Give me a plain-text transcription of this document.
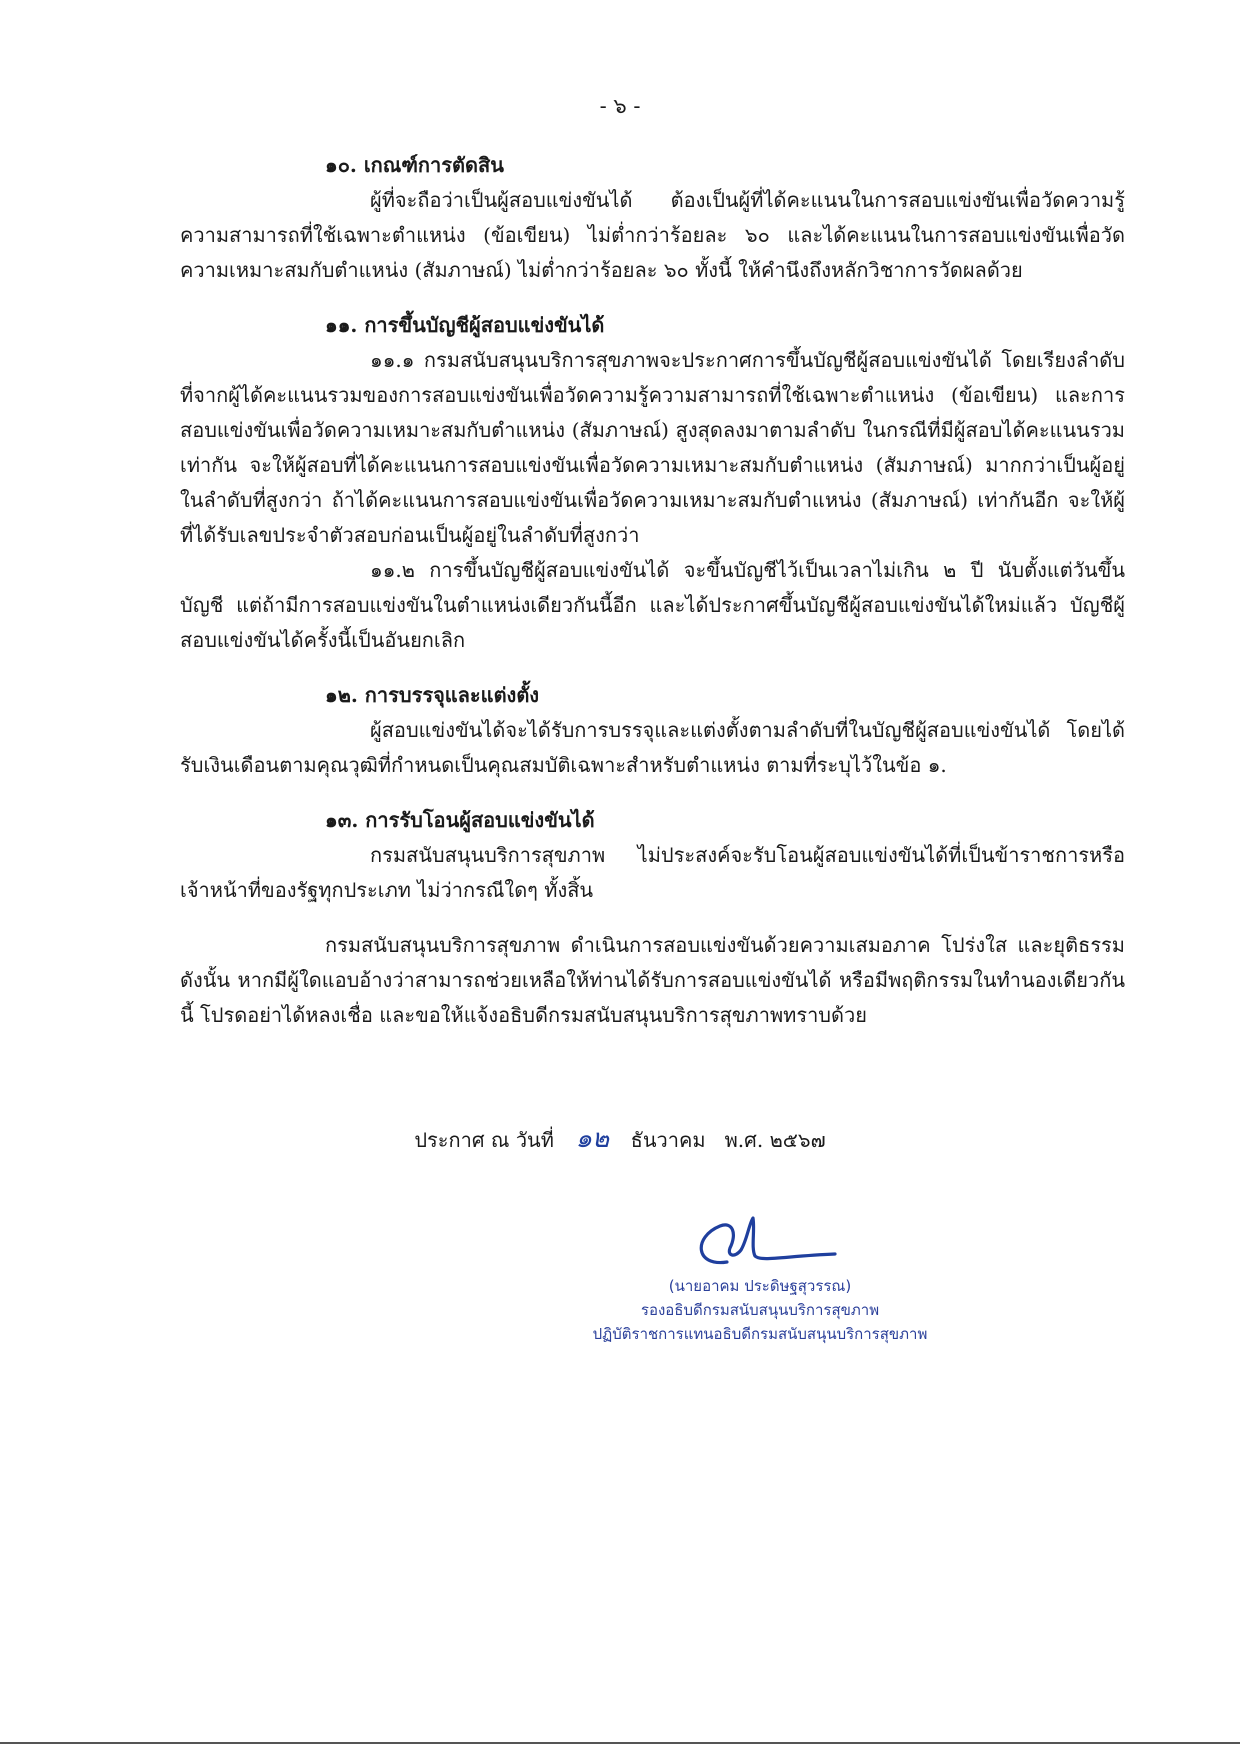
- ๖ -

๑๐. เกณฑ์การตัดสิน

ผู้ที่จะถือว่าเป็นผู้สอบแข่งขันได้ ต้องเป็นผู้ที่ได้คะแนนในการสอบแข่งขันเพื่อวัดความรู้ความสามารถที่ใช้เฉพาะตำแหน่ง (ข้อเขียน) ไม่ต่ำกว่าร้อยละ ๖๐ และได้คะแนนในการสอบแข่งขันเพื่อวัดความเหมาะสมกับตำแหน่ง (สัมภาษณ์) ไม่ต่ำกว่าร้อยละ ๖๐ ทั้งนี้ ให้คำนึงถึงหลักวิชาการวัดผลด้วย

๑๑. การขึ้นบัญชีผู้สอบแข่งขันได้

๑๑.๑ กรมสนับสนุนบริการสุขภาพจะประกาศการขึ้นบัญชีผู้สอบแข่งขันได้ โดยเรียงลำดับที่จากผู้ได้คะแนนรวมของการสอบแข่งขันเพื่อวัดความรู้ความสามารถที่ใช้เฉพาะตำแหน่ง (ข้อเขียน) และการสอบแข่งขันเพื่อวัดความเหมาะสมกับตำแหน่ง (สัมภาษณ์) สูงสุดลงมาตามลำดับ ในกรณีที่มีผู้สอบได้คะแนนรวมเท่ากัน จะให้ผู้สอบที่ได้คะแนนการสอบแข่งขันเพื่อวัดความเหมาะสมกับตำแหน่ง (สัมภาษณ์) มากกว่าเป็นผู้อยู่ในลำดับที่สูงกว่า ถ้าได้คะแนนการสอบแข่งขันเพื่อวัดความเหมาะสมกับตำแหน่ง (สัมภาษณ์) เท่ากันอีก จะให้ผู้ที่ได้รับเลขประจำตัวสอบก่อนเป็นผู้อยู่ในลำดับที่สูงกว่า

๑๑.๒ การขึ้นบัญชีผู้สอบแข่งขันได้ จะขึ้นบัญชีไว้เป็นเวลาไม่เกิน ๒ ปี นับตั้งแต่วันขึ้นบัญชี แต่ถ้ามีการสอบแข่งขันในตำแหน่งเดียวกันนี้อีก และได้ประกาศขึ้นบัญชีผู้สอบแข่งขันได้ใหม่แล้ว บัญชีผู้สอบแข่งขันได้ครั้งนี้เป็นอันยกเลิก

๑๒. การบรรจุและแต่งตั้ง

ผู้สอบแข่งขันได้จะได้รับการบรรจุและแต่งตั้งตามลำดับที่ในบัญชีผู้สอบแข่งขันได้ โดยได้รับเงินเดือนตามคุณวุฒิที่กำหนดเป็นคุณสมบัติเฉพาะสำหรับตำแหน่ง ตามที่ระบุไว้ในข้อ ๑.

๑๓. การรับโอนผู้สอบแข่งขันได้

กรมสนับสนุนบริการสุขภาพ ไม่ประสงค์จะรับโอนผู้สอบแข่งขันได้ที่เป็นข้าราชการหรือเจ้าหน้าที่ของรัฐทุกประเภท ไม่ว่ากรณีใดๆ ทั้งสิ้น

กรมสนับสนุนบริการสุขภาพ ดำเนินการสอบแข่งขันด้วยความเสมอภาค โปร่งใส และยุติธรรม ดังนั้น หากมีผู้ใดแอบอ้างว่าสามารถช่วยเหลือให้ท่านได้รับการสอบแข่งขันได้ หรือมีพฤติกรรมในทำนองเดียวกันนี้ โปรดอย่าได้หลงเชื่อ และขอให้แจ้งอธิบดีกรมสนับสนุนบริการสุขภาพทราบด้วย

ประกาศ ณ วันที่ ๑๒ ธันวาคม พ.ศ. ๒๕๖๗
(นายอาคม ประดิษฐสุวรรณ)
รองอธิบดีกรมสนับสนุนบริการสุขภาพ
ปฏิบัติราชการแทนอธิบดีกรมสนับสนุนบริการสุขภาพ
